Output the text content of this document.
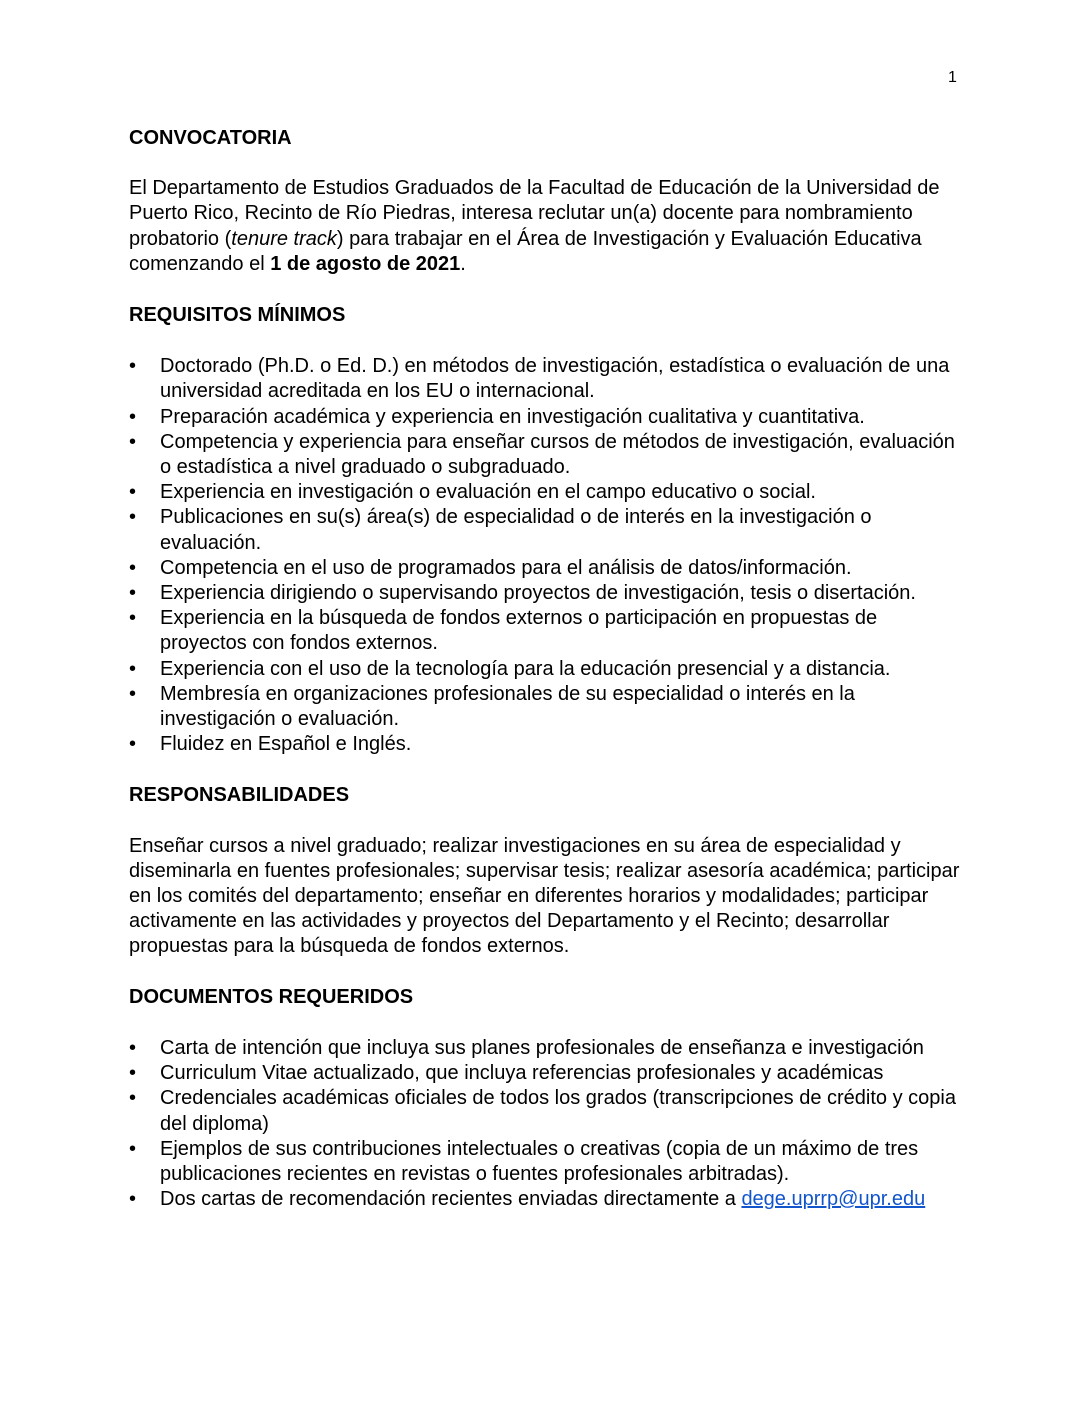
1

CONVOCATORIA

El Departamento de Estudios Graduados de la Facultad de Educación de la Universidad de Puerto Rico, Recinto de Río Piedras, interesa reclutar un(a) docente para nombramiento probatorio (tenure track) para trabajar en el Área de Investigación y Evaluación Educativa comenzando el 1 de agosto de 2021.

REQUISITOS MÍNIMOS

• Doctorado (Ph.D. o Ed. D.) en métodos de investigación, estadística o evaluación de una universidad acreditada en los EU o internacional.
• Preparación académica y experiencia en investigación cualitativa y cuantitativa.
• Competencia y experiencia para enseñar cursos de métodos de investigación, evaluación o estadística a nivel graduado o subgraduado.
• Experiencia en investigación o evaluación en el campo educativo o social.
• Publicaciones en su(s) área(s) de especialidad o de interés en la investigación o evaluación.
• Competencia en el uso de programados para el análisis de datos/información.
• Experiencia dirigiendo o supervisando proyectos de investigación, tesis o disertación.
• Experiencia en la búsqueda de fondos externos o participación en propuestas de proyectos con fondos externos.
• Experiencia con el uso de la tecnología para la educación presencial y a distancia.
• Membresía en organizaciones profesionales de su especialidad o interés en la investigación o evaluación.
• Fluidez en Español e Inglés.

RESPONSABILIDADES

Enseñar cursos a nivel graduado; realizar investigaciones en su área de especialidad y diseminarla en fuentes profesionales; supervisar tesis; realizar asesoría académica; participar en los comités del departamento; enseñar en diferentes horarios y modalidades; participar activamente en las actividades y proyectos del Departamento y el Recinto; desarrollar propuestas para la búsqueda de fondos externos.

DOCUMENTOS REQUERIDOS

• Carta de intención que incluya sus planes profesionales de enseñanza e investigación
• Curriculum Vitae actualizado, que incluya referencias profesionales y académicas
• Credenciales académicas oficiales de todos los grados (transcripciones de crédito y copia del diploma)
• Ejemplos de sus contribuciones intelectuales o creativas (copia de un máximo de tres publicaciones recientes en revistas o fuentes profesionales arbitradas).
• Dos cartas de recomendación recientes enviadas directamente a dege.uprrp@upr.edu
